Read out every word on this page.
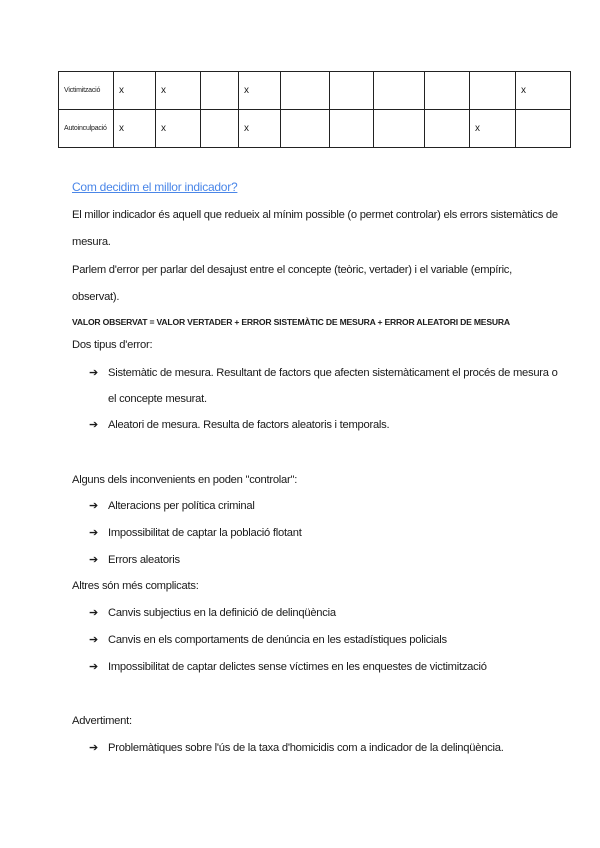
Victimització	x	x		x						x
Autoinculpació	x	x		x					x	
Com decidim el millor indicador?
El millor indicador és aquell que redueix al mínim possible (o permet controlar) els errors sistemàtics de
mesura.
Parlem d'error per parlar del desajust entre el concepte (teòric, vertader) i el variable (empíric,
observat).
VALOR OBSERVAT = VALOR VERTADER + ERROR SISTEMÀTIC DE MESURA + ERROR ALEATORI DE MESURA
Dos tipus d'error:
➔ Sistemàtic de mesura. Resultant de factors que afecten sistemàticament el procés de mesura o
el concepte mesurat.
➔ Aleatori de mesura. Resulta de factors aleatoris i temporals.
Alguns dels inconvenients en poden "controlar":
➔ Alteracions per política criminal
➔ Impossibilitat de captar la població flotant
➔ Errors aleatoris
Altres són més complicats:
➔ Canvis subjectius en la definició de delinqüència
➔ Canvis en els comportaments de denúncia en les estadístiques policials
➔ Impossibilitat de captar delictes sense víctimes en les enquestes de victimització
Advertiment:
➔ Problemàtiques sobre l'ús de la taxa d'homicidis com a indicador de la delinqüència.
